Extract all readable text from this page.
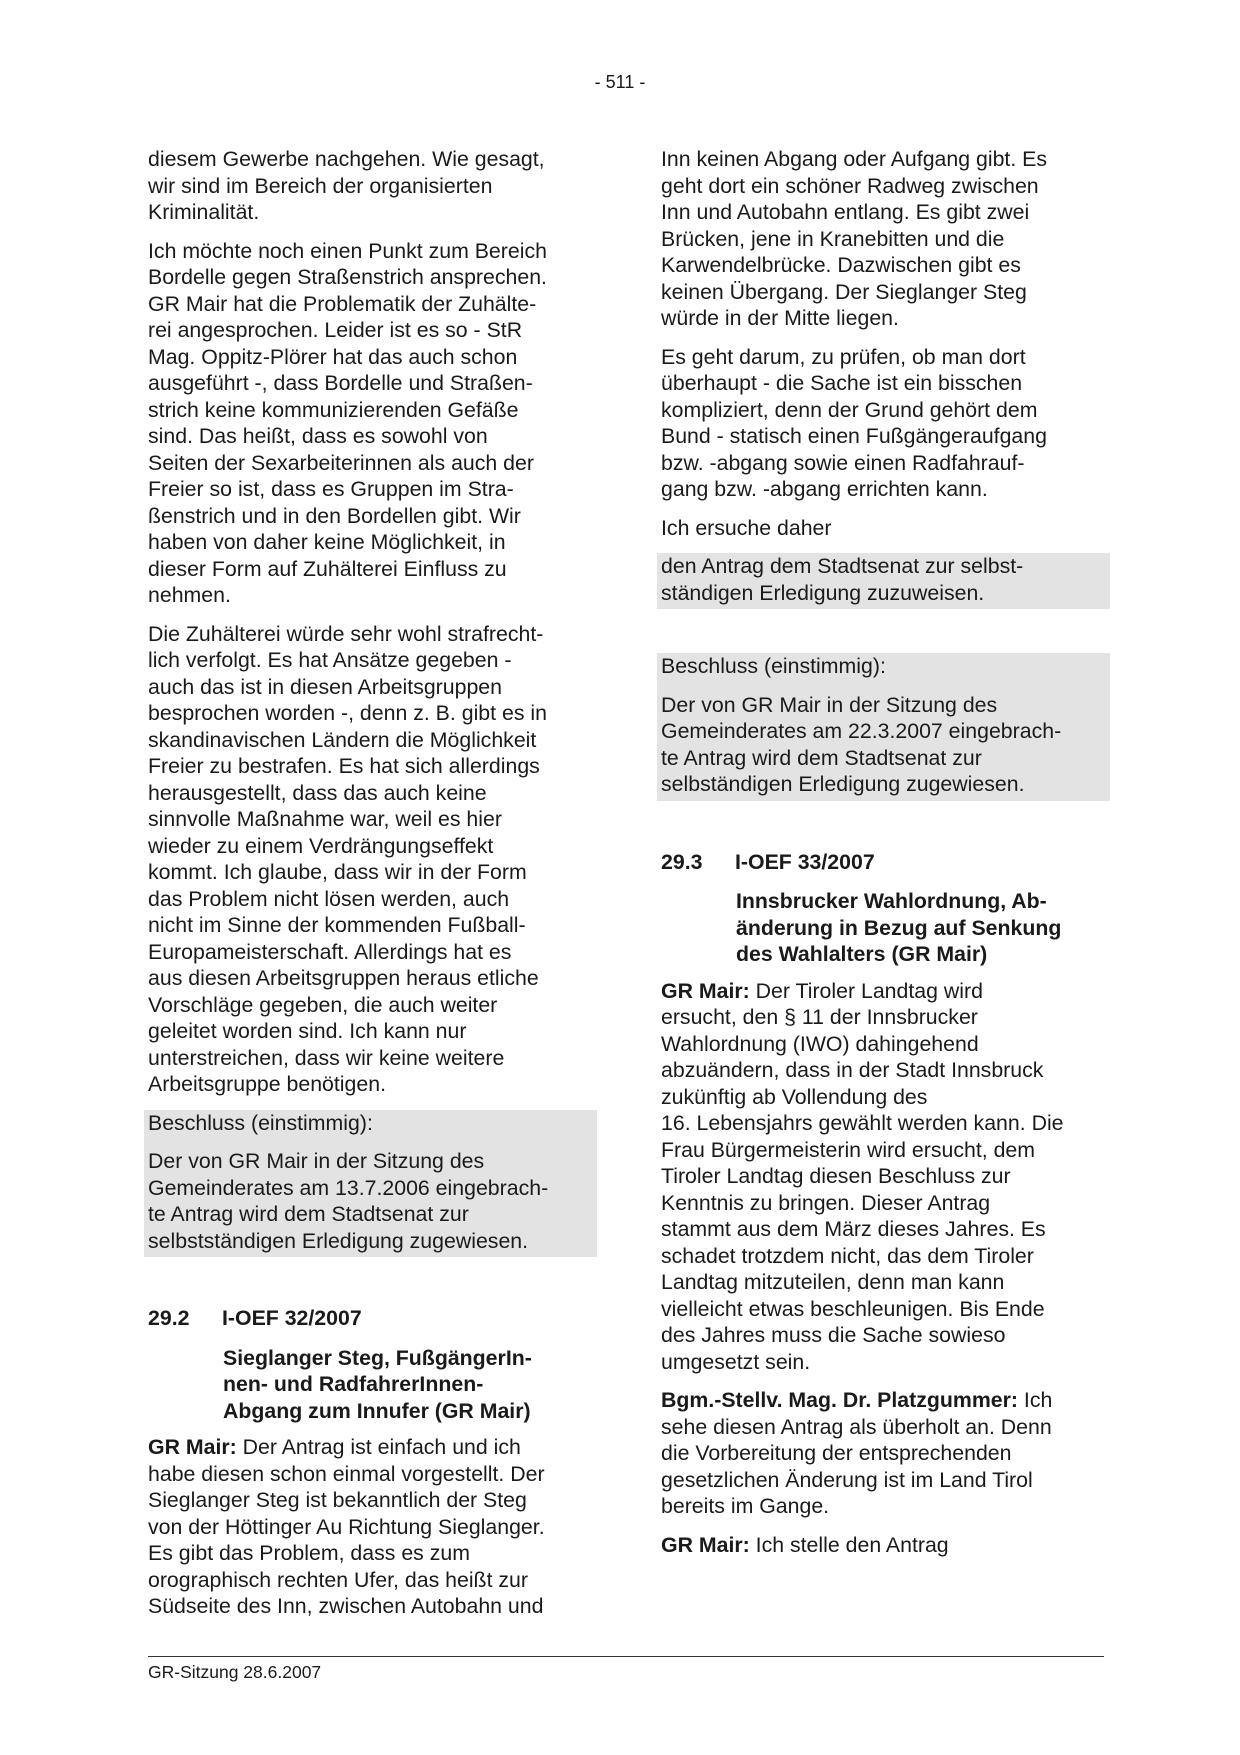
- 511 -

diesem Gewerbe nachgehen. Wie gesagt,
wir sind im Bereich der organisierten
Kriminalität.

Ich möchte noch einen Punkt zum Bereich
Bordelle gegen Straßenstrich ansprechen.
GR Mair hat die Problematik der Zuhälte-
rei angesprochen. Leider ist es so - StR
Mag. Oppitz-Plörer hat das auch schon
ausgeführt -, dass Bordelle und Straßen-
strich keine kommunizierenden Gefäße
sind. Das heißt, dass es sowohl von
Seiten der Sexarbeiterinnen als auch der
Freier so ist, dass es Gruppen im Stra-
ßenstrich und in den Bordellen gibt. Wir
haben von daher keine Möglichkeit, in
dieser Form auf Zuhälterei Einfluss zu
nehmen.

Die Zuhälterei würde sehr wohl strafrecht-
lich verfolgt. Es hat Ansätze gegeben -
auch das ist in diesen Arbeitsgruppen
besprochen worden -, denn z. B. gibt es in
skandinavischen Ländern die Möglichkeit
Freier zu bestrafen. Es hat sich allerdings
herausgestellt, dass das auch keine
sinnvolle Maßnahme war, weil es hier
wieder zu einem Verdrängungseffekt
kommt. Ich glaube, dass wir in der Form
das Problem nicht lösen werden, auch
nicht im Sinne der kommenden Fußball-
Europameisterschaft. Allerdings hat es
aus diesen Arbeitsgruppen heraus etliche
Vorschläge gegeben, die auch weiter
geleitet worden sind. Ich kann nur
unterstreichen, dass wir keine weitere
Arbeitsgruppe benötigen.

Beschluss (einstimmig):

Der von GR Mair in der Sitzung des
Gemeinderates am 13.7.2006 eingebrach-
te Antrag wird dem Stadtsenat zur
selbstständigen Erledigung zugewiesen.

29.2	I-OEF 32/2007
Sieglanger Steg, FußgängerIn-
nen- und RadfahrerInnen-
Abgang zum Innufer (GR Mair)

GR Mair: Der Antrag ist einfach und ich
habe diesen schon einmal vorgestellt. Der
Sieglanger Steg ist bekanntlich der Steg
von der Höttinger Au Richtung Sieglanger.
Es gibt das Problem, dass es zum
orographisch rechten Ufer, das heißt zur
Südseite des Inn, zwischen Autobahn und

Inn keinen Abgang oder Aufgang gibt. Es
geht dort ein schöner Radweg zwischen
Inn und Autobahn entlang. Es gibt zwei
Brücken, jene in Kranebitten und die
Karwendelbrücke. Dazwischen gibt es
keinen Übergang. Der Sieglanger Steg
würde in der Mitte liegen.

Es geht darum, zu prüfen, ob man dort
überhaupt - die Sache ist ein bisschen
kompliziert, denn der Grund gehört dem
Bund - statisch einen Fußgängeraufgang
bzw. -abgang sowie einen Radfahrauf-
gang bzw. -abgang errichten kann.

Ich ersuche daher

den Antrag dem Stadtsenat zur selbst-
ständigen Erledigung zuzuweisen.

Beschluss (einstimmig):

Der von GR Mair in der Sitzung des
Gemeinderates am 22.3.2007 eingebrach-
te Antrag wird dem Stadtsenat zur
selbständigen Erledigung zugewiesen.

29.3	I-OEF 33/2007
Innsbrucker Wahlordnung, Ab-
änderung in Bezug auf Senkung
des Wahlalters (GR Mair)

GR Mair: Der Tiroler Landtag wird
ersucht, den § 11 der Innsbrucker
Wahlordnung (IWO) dahingehend
abzuändern, dass in der Stadt Innsbruck
zukünftig ab Vollendung des
16. Lebensjahrs gewählt werden kann. Die
Frau Bürgermeisterin wird ersucht, dem
Tiroler Landtag diesen Beschluss zur
Kenntnis zu bringen. Dieser Antrag
stammt aus dem März dieses Jahres. Es
schadet trotzdem nicht, das dem Tiroler
Landtag mitzuteilen, denn man kann
vielleicht etwas beschleunigen. Bis Ende
des Jahres muss die Sache sowieso
umgesetzt sein.

Bgm.-Stellv. Mag. Dr. Platzgummer: Ich
sehe diesen Antrag als überholt an. Denn
die Vorbereitung der entsprechenden
gesetzlichen Änderung ist im Land Tirol
bereits im Gange.

GR Mair: Ich stelle den Antrag

GR-Sitzung 28.6.2007
